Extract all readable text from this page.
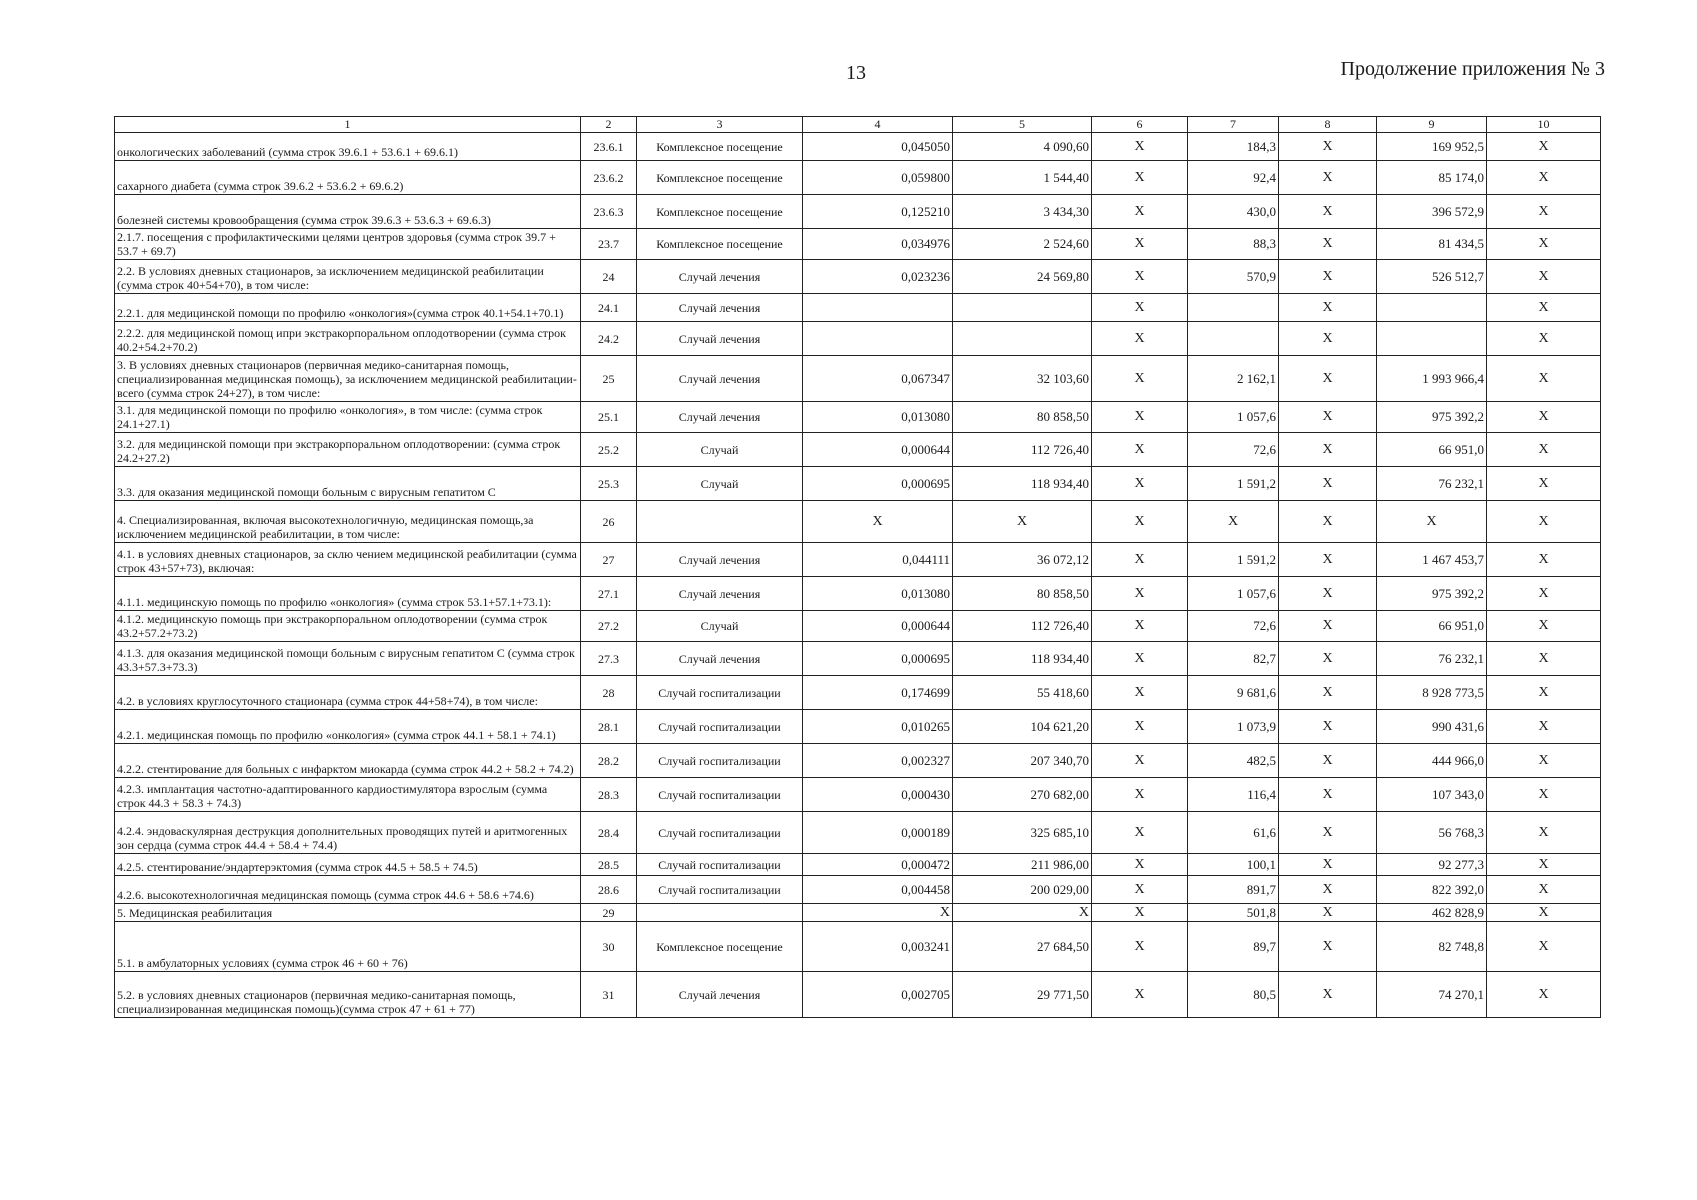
13	Продолжение приложения № 3
1	2	3	4	5	6	7	8	9	10
онкологических заболеваний (сумма строк 39.6.1 + 53.6.1 + 69.6.1)	23.6.1	Комплексное посещение	0,045050	4 090,60	X	184,3	X	169 952,5	X
сахарного диабета (сумма строк 39.6.2 + 53.6.2 + 69.6.2)	23.6.2	Комплексное посещение	0,059800	1 544,40	X	92,4	X	85 174,0	X
болезней системы кровообращения (сумма строк 39.6.3 + 53.6.3 + 69.6.3)	23.6.3	Комплексное посещение	0,125210	3 434,30	X	430,0	X	396 572,9	X
2.1.7. посещения с профилактическими целями центров здоровья (сумма строк 39.7 + 53.7 + 69.7)	23.7	Комплексное посещение	0,034976	2 524,60	X	88,3	X	81 434,5	X
2.2. В условиях дневных стационаров, за исключением медицинской реабилитации (сумма строк 40+54+70), в том числе:	24	Случай лечения	0,023236	24 569,80	X	570,9	X	526 512,7	X
2.2.1. для медицинской помощи по профилю «онкология»(сумма строк 40.1+54.1+70.1)	24.1	Случай лечения			X		X		X
2.2.2. для медицинской помощ ипри экстракорпоральном оплодотворении (сумма строк 40.2+54.2+70.2)	24.2	Случай лечения			X		X		X
3. В условиях дневных стационаров (первичная медико-санитарная помощь, специализированная медицинская помощь), за исключением медицинской реабилитации-всего (сумма строк 24+27), в том числе:	25	Случай лечения	0,067347	32 103,60	X	2 162,1	X	1 993 966,4	X
3.1. для медицинской помощи по профилю «онкология», в том числе: (сумма строк 24.1+27.1)	25.1	Случай лечения	0,013080	80 858,50	X	1 057,6	X	975 392,2	X
3.2. для медицинской помощи при экстракорпоральном оплодотворении: (сумма строк 24.2+27.2)	25.2	Случай	0,000644	112 726,40	X	72,6	X	66 951,0	X
3.3. для оказания медицинской помощи больным с вирусным гепатитом С	25.3	Случай	0,000695	118 934,40	X	1 591,2	X	76 232,1	X
4. Специализированная, включая высокотехнологичную, медицинская помощь,за исключением медицинской реабилитации, в том числе:	26		X	X	X	X	X	X	X
4.1. в условиях дневных стационаров, за склю чением медицинской реабилитации (сумма строк 43+57+73), включая:	27	Случай лечения	0,044111	36 072,12	X	1 591,2	X	1 467 453,7	X
4.1.1. медицинскую помощь по профилю «онкология» (сумма строк 53.1+57.1+73.1):	27.1	Случай лечения	0,013080	80 858,50	X	1 057,6	X	975 392,2	X
4.1.2. медицинскую помощь при экстракорпоральном оплодотворении (сумма строк 43.2+57.2+73.2)	27.2	Случай	0,000644	112 726,40	X	72,6	X	66 951,0	X
4.1.3. для оказания медицинской помощи больным с вирусным гепатитом С (сумма строк 43.3+57.3+73.3)	27.3	Случай лечения	0,000695	118 934,40	X	82,7	X	76 232,1	X
4.2. в условиях круглосуточного стационара (сумма строк 44+58+74), в том числе:	28	Случай госпитализации	0,174699	55 418,60	X	9 681,6	X	8 928 773,5	X
4.2.1. медицинская помощь по профилю «онкология» (сумма строк 44.1 + 58.1 + 74.1)	28.1	Случай госпитализации	0,010265	104 621,20	X	1 073,9	X	990 431,6	X
4.2.2. стентирование для больных с инфарктом миокарда (сумма строк 44.2 + 58.2 + 74.2)	28.2	Случай госпитализации	0,002327	207 340,70	X	482,5	X	444 966,0	X
4.2.3. имплантация частотно-адаптированного кардиостимулятора взрослым (сумма строк 44.3 + 58.3 + 74.3)	28.3	Случай госпитализации	0,000430	270 682,00	X	116,4	X	107 343,0	X
4.2.4. эндоваскулярная деструкция дополнительных проводящих путей и аритмогенных зон сердца (сумма строк 44.4 + 58.4 + 74.4)	28.4	Случай госпитализации	0,000189	325 685,10	X	61,6	X	56 768,3	X
4.2.5. стентирование/эндартерэктомия (сумма строк 44.5 + 58.5 + 74.5)	28.5	Случай госпитализации	0,000472	211 986,00	X	100,1	X	92 277,3	X
4.2.6. высокотехнологичная медицинская помощь (сумма строк 44.6 + 58.6 +74.6)	28.6	Случай госпитализации	0,004458	200 029,00	X	891,7	X	822 392,0	X
5. Медицинская реабилитация	29		X	X	X	501,8	X	462 828,9	X
5.1. в амбулаторных условиях (сумма строк 46 + 60 + 76)	30	Комплексное посещение	0,003241	27 684,50	X	89,7	X	82 748,8	X
5.2. в условиях дневных стационаров (первичная медико-санитарная помощь, специализированная медицинская помощь)(сумма строк 47 + 61 + 77)	31	Случай лечения	0,002705	29 771,50	X	80,5	X	74 270,1	X
